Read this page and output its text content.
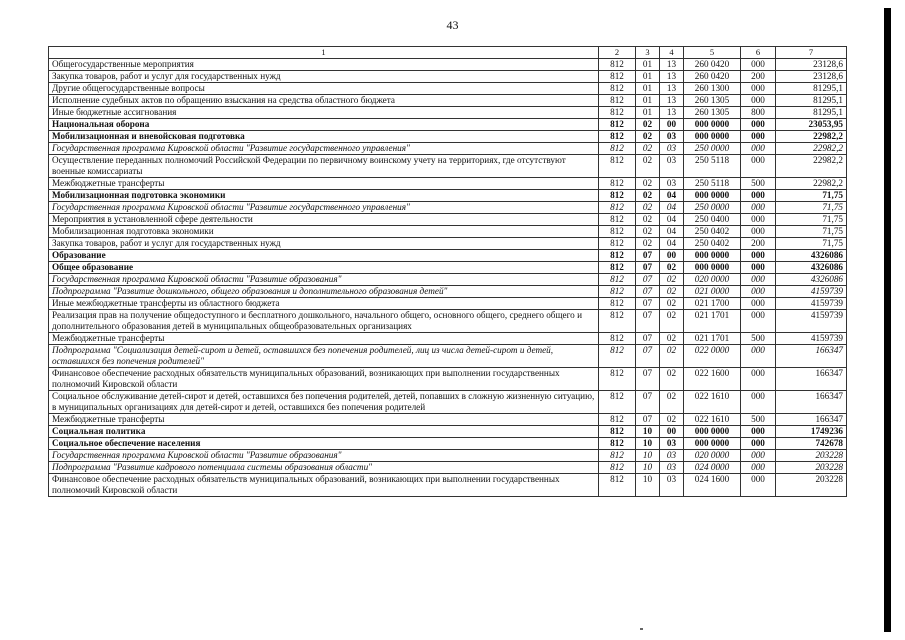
43
1	2	3	4	5	6	7
Общегосударственные мероприятия	812	01	13	260 0420	000	23128,6
Закупка товаров, работ и услуг для государственных нужд	812	01	13	260 0420	200	23128,6
Другие общегосударственные вопросы	812	01	13	260 1300	000	81295,1
Исполнение судебных актов по обращению взыскания на средства областного бюджета	812	01	13	260 1305	000	81295,1
Иные бюджетные ассигнования	812	01	13	260 1305	800	81295,1
Национальная оборона	812	02	00	000 0000	000	23053,95
Мобилизационная и вневойсковая подготовка	812	02	03	000 0000	000	22982,2
Государственная программа Кировской области "Развитие государственного управления"	812	02	03	250 0000	000	22982,2
Осуществление переданных полномочий Российской Федерации по первичному воинскому учету на территориях, где отсутствуют военные комиссариаты	812	02	03	250 5118	000	22982,2
Межбюджетные трансферты	812	02	03	250 5118	500	22982,2
Мобилизационная подготовка экономики	812	02	04	000 0000	000	71,75
Государственная программа Кировской области "Развитие государственного управления"	812	02	04	250 0000	000	71,75
Мероприятия в установленной сфере деятельности	812	02	04	250 0400	000	71,75
Мобилизационная подготовка экономики	812	02	04	250 0402	000	71,75
Закупка товаров, работ и услуг для государственных нужд	812	02	04	250 0402	200	71,75
Образование	812	07	00	000 0000	000	4326086
Общее образование	812	07	02	000 0000	000	4326086
Государственная программа Кировской области "Развитие образования"	812	07	02	020 0000	000	4326086
Подпрограмма "Развитие дошкольного, общего образования и дополнительного образования детей"	812	07	02	021 0000	000	4159739
Иные межбюджетные трансферты из областного бюджета	812	07	02	021 1700	000	4159739
Реализация прав на получение общедоступного и бесплатного дошкольного, начального общего, основного общего, среднего общего и дополнительного образования детей в муниципальных общеобразовательных организациях	812	07	02	021 1701	000	4159739
Межбюджетные трансферты	812	07	02	021 1701	500	4159739
Подпрограмма "Социализация детей-сирот и детей, оставшихся без попечения родителей, лиц из числа детей-сирот и детей, оставшихся без попечения родителей"	812	07	02	022 0000	000	166347
Финансовое обеспечение расходных обязательств муниципальных образований, возникающих при выполнении государственных полномочий Кировской области	812	07	02	022 1600	000	166347
Социальное обслуживание детей-сирот и детей, оставшихся без попечения родителей, детей, попавших в сложную жизненную ситуацию, в муниципальных организациях для детей-сирот и детей, оставшихся без попечения родителей	812	07	02	022 1610	000	166347
Межбюджетные трансферты	812	07	02	022 1610	500	166347
Социальная политика	812	10	00	000 0000	000	1749236
Социальное обеспечение населения	812	10	03	000 0000	000	742678
Государственная программа Кировской области "Развитие образования"	812	10	03	020 0000	000	203228
Подпрограмма "Развитие кадрового потенциала системы образования области"	812	10	03	024 0000	000	203228
Финансовое обеспечение расходных обязательств муниципальных образований, возникающих при выполнении государственных полномочий Кировской области	812	10	03	024 1600	000	203228
